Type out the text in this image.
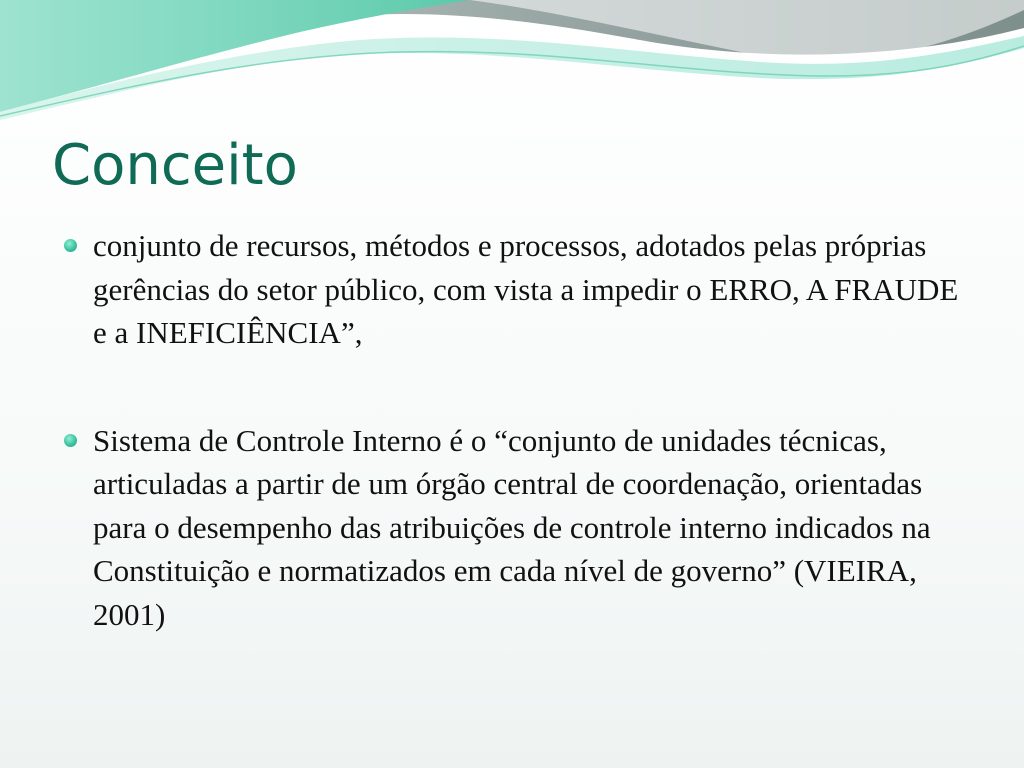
Conceito
conjunto de recursos, métodos e processos, adotados pelas próprias gerências do setor público, com vista a impedir o ERRO, A FRAUDE e a INEFICIÊNCIA”,
Sistema de Controle Interno é o “conjunto de unidades técnicas, articuladas a partir de um órgão central de coordenação, orientadas para o desempenho das atribuições de controle interno indicados na Constituição e normatizados em cada nível de governo” (VIEIRA, 2001)
